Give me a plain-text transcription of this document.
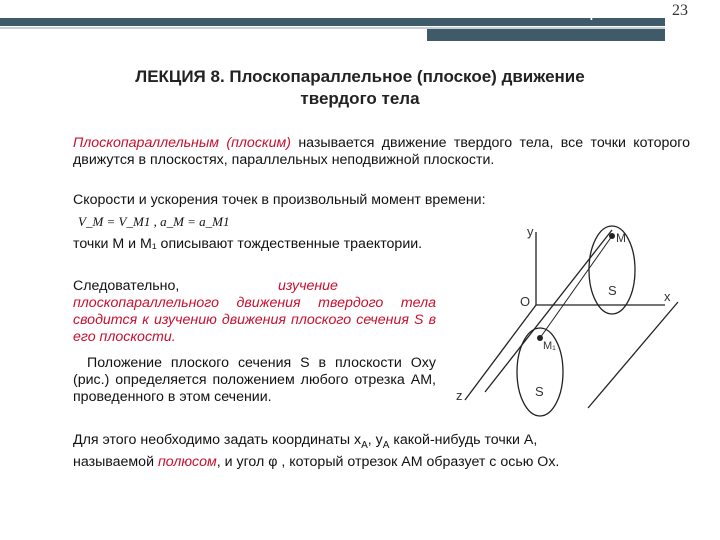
Лекция 8	23
ЛЕКЦИЯ 8. Плоскопараллельное (плоское) движение
твердого тела
Плоскопараллельным (плоским) называется движение твердого тела, все точки которого движутся в плоскостях, параллельных неподвижной плоскости.
Скорости и ускорения точек в произвольный момент времени:
V_M = V_M1 , a_M = a_M1
точки M и M₁ описывают тождественные траектории.
Следовательно,	изучение плоскопараллельного движения твердого тела сводится к изучению движения плоского сечения S в его плоскости.
Положение плоского сечения S в плоскости Oxy (рис.) определяется положением любого отрезка AM, проведенного в этом сечении.
Для этого необходимо задать координаты $x_A$, $y_A$ какой-нибудь точки A,
называемой полюсом, и угол φ , который отрезок AM образует с осью Ox.
y
x
z
O
M
M₁
S
S
